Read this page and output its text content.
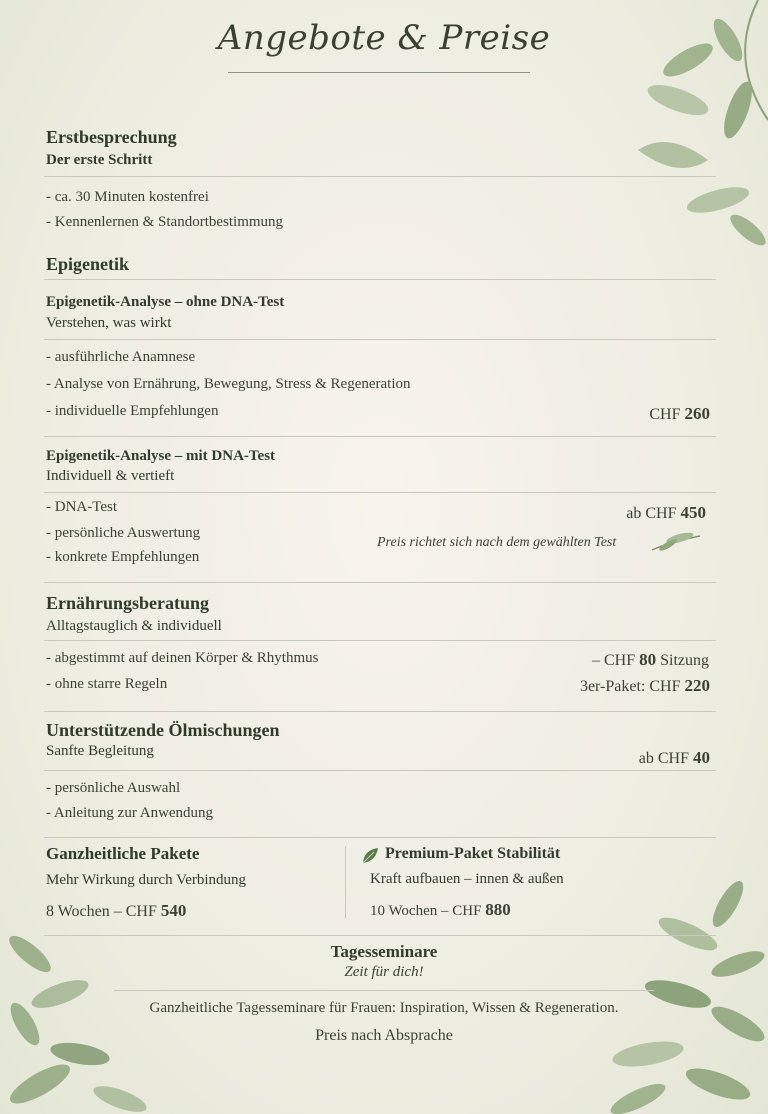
Angebote & Preise
Erstbesprechung
Der erste Schritt
- ca. 30 Minuten kostenfrei
- Kennenlernen & Standortbestimmung
Epigenetik
Epigenetik-Analyse – ohne DNA-Test
Verstehen, was wirkt
- ausführliche Anamnese
- Analyse von Ernährung, Bewegung, Stress & Regeneration
- individuelle Empfehlungen	CHF 260
Epigenetik-Analyse – mit DNA-Test
Individuell & vertieft
- DNA-Test
- persönliche Auswertung
- konkrete Empfehlungen
ab CHF 450
Preis richtet sich nach dem gewählten Test
Ernährungsberatung
Alltagstauglich & individuell
- abgestimmt auf deinen Körper & Rhythmus
- ohne starre Regeln
– CHF 80 Sitzung
3er-Paket: CHF 220
Unterstützende Ölmischungen
Sanfte Begleitung	ab CHF 40
- persönliche Auswahl
- Anleitung zur Anwendung
Ganzheitliche Pakete
Mehr Wirkung durch Verbindung
8 Wochen – CHF 540
Premium-Paket Stabilität
Kraft aufbauen – innen & außen
10 Wochen – CHF 880
Tagesseminare
Zeit für dich!
Ganzheitliche Tagesseminare für Frauen: Inspiration, Wissen & Regeneration.
Preis nach Absprache
